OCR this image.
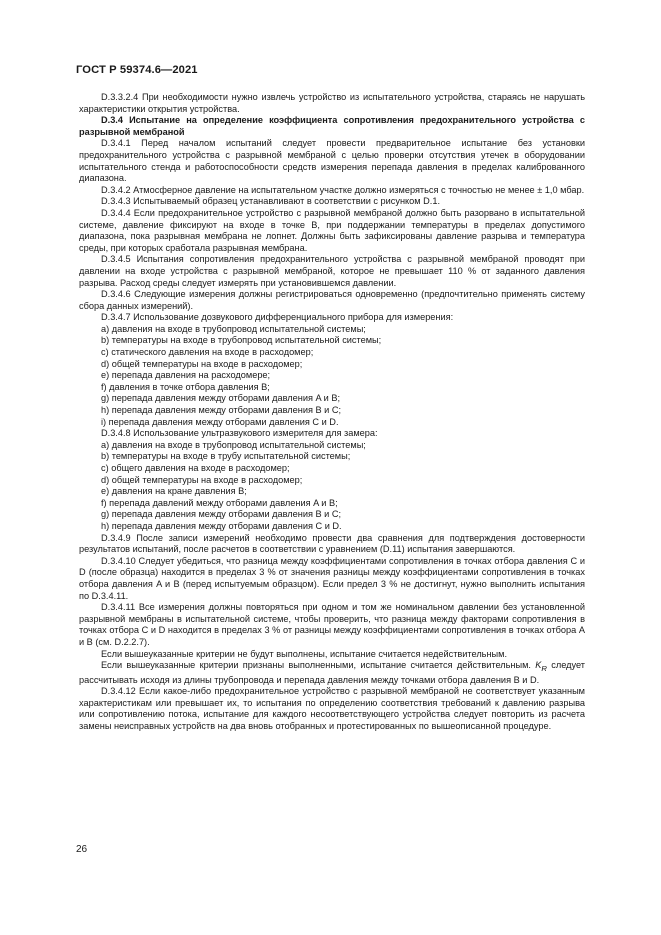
ГОСТ Р 59374.6—2021

D.3.3.2.4 При необходимости нужно извлечь устройство из испытательного устройства, стараясь не нарушать характеристики открытия устройства.

D.3.4 Испытание на определение коэффициента сопротивления предохранительного устройства с разрывной мембраной

D.3.4.1 Перед началом испытаний следует провести предварительное испытание без установки предохранительного устройства с разрывной мембраной с целью проверки отсутствия утечек в оборудовании испытательного стенда и работоспособности средств измерения перепада давления в пределах калиброванного диапазона.

D.3.4.2 Атмосферное давление на испытательном участке должно измеряться с точностью не менее ± 1,0 мбар.

D.3.4.3 Испытываемый образец устанавливают в соответствии с рисунком D.1.

D.3.4.4 Если предохранительное устройство с разрывной мембраной должно быть разорвано в испытательной системе, давление фиксируют на входе в точке B, при поддержании температуры в пределах допустимого диапазона, пока разрывная мембрана не лопнет. Должны быть зафиксированы давление разрыва и температура среды, при которых сработала разрывная мембрана.

D.3.4.5 Испытания сопротивления предохранительного устройства с разрывной мембраной проводят при давлении на входе устройства с разрывной мембраной, которое не превышает 110 % от заданного давления разрыва. Расход среды следует измерять при установившемся давлении.

D.3.4.6 Следующие измерения должны регистрироваться одновременно (предпочтительно применять систему сбора данных измерений).

D.3.4.7 Использование дозвукового дифференциального прибора для измерения:

a) давления на входе в трубопровод испытательной системы;

b) температуры на входе в трубопровод испытательной системы;

c) статического давления на входе в расходомер;

d) общей температуры на входе в расходомер;

e) перепада давления на расходомере;

f) давления в точке отбора давления B;

g) перепада давления между отборами давления A и B;

h) перепада давления между отборами давления B и C;

i) перепада давления между отборами давления C и D.

D.3.4.8 Использование ультразвукового измерителя для замера:

a) давления на входе в трубопровод испытательной системы;

b) температуры на входе в трубу испытательной системы;

c) общего давления на входе в расходомер;

d) общей температуры на входе в расходомер;

e) давления на кране давления B;

f) перепада давлений между отборами давления A и B;

g) перепада давления между отборами давления B и C;

h) перепада давления между отборами давления C и D.

D.3.4.9 После записи измерений необходимо провести два сравнения для подтверждения достоверности результатов испытаний, после расчетов в соответствии с уравнением (D.11) испытания завершаются.

D.3.4.10 Следует убедиться, что разница между коэффициентами сопротивления в точках отбора давления C и D (после образца) находится в пределах 3 % от значения разницы между коэффициентами сопротивления в точках отбора давления A и B (перед испытуемым образцом). Если предел 3 % не достигнут, нужно выполнить испытания по D.3.4.11.

D.3.4.11 Все измерения должны повторяться при одном и том же номинальном давлении без установленной разрывной мембраны в испытательной системе, чтобы проверить, что разница между факторами сопротивления в точках отбора C и D находится в пределах 3 % от разницы между коэффициентами сопротивления в точках отбора A и B (см. D.2.2.7).

Если вышеуказанные критерии не будут выполнены, испытание считается недействительным.

Если вышеуказанные критерии признаны выполненными, испытание считается действительным. $K_R$ следует рассчитывать исходя из длины трубопровода и перепада давления между точками отбора давления B и D.

D.3.4.12 Если какое-либо предохранительное устройство с разрывной мембраной не соответствует указанным характеристикам или превышает их, то испытания по определению соответствия требований к давлению разрыва или сопротивлению потока, испытание для каждого несоответствующего устройства следует повторить из расчета замены неисправных устройств на два вновь отобранных и протестированных по вышеописанной процедуре.

26
